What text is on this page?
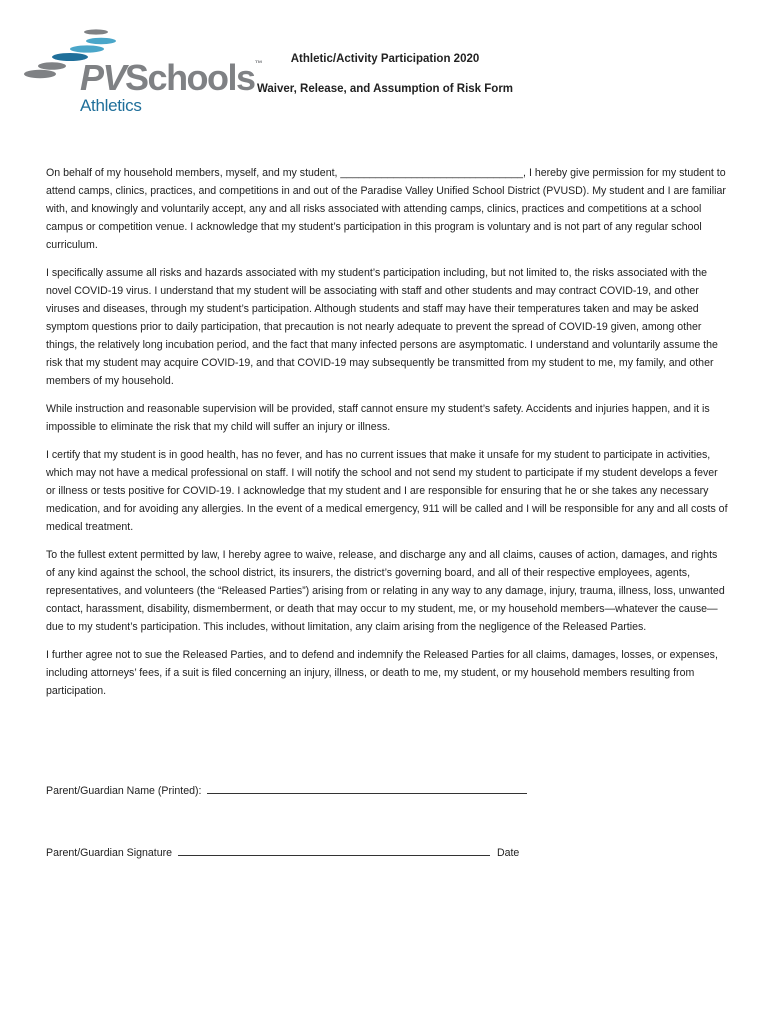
PVSchools™
Athletics
Athletic/Activity Participation 2020
Waiver, Release, and Assumption of Risk Form

On behalf of my household members, myself, and my student, _______________________________, I hereby give permission for my student to attend camps, clinics, practices, and competitions in and out of the Paradise Valley Unified School District (PVUSD). My student and I are familiar with, and knowingly and voluntarily accept, any and all risks associated with attending camps, clinics, practices and competitions at a school campus or competition venue. I acknowledge that my student’s participation in this program is voluntary and is not part of any regular school curriculum.

I specifically assume all risks and hazards associated with my student’s participation including, but not limited to, the risks associated with the novel COVID-19 virus. I understand that my student will be associating with staff and other students and may contract COVID-19, and other viruses and diseases, through my student’s participation. Although students and staff may have their temperatures taken and may be asked symptom questions prior to daily participation, that precaution is not nearly adequate to prevent the spread of COVID-19 given, among other things, the relatively long incubation period, and the fact that many infected persons are asymptomatic. I understand and voluntarily assume the risk that my student may acquire COVID-19, and that COVID-19 may subsequently be transmitted from my student to me, my family, and other members of my household.

While instruction and reasonable supervision will be provided, staff cannot ensure my student’s safety. Accidents and injuries happen, and it is impossible to eliminate the risk that my child will suffer an injury or illness.

I certify that my student is in good health, has no fever, and has no current issues that make it unsafe for my student to participate in activities, which may not have a medical professional on staff. I will notify the school and not send my student to participate if my student develops a fever or illness or tests positive for COVID-19. I acknowledge that my student and I are responsible for ensuring that he or she takes any necessary medication, and for avoiding any allergies. In the event of a medical emergency, 911 will be called and I will be responsible for any and all costs of medical treatment.

To the fullest extent permitted by law, I hereby agree to waive, release, and discharge any and all claims, causes of action, damages, and rights of any kind against the school, the school district, its insurers, the district’s governing board, and all of their respective employees, agents, representatives, and volunteers (the “Released Parties”) arising from or relating in any way to any damage, injury, trauma, illness, loss, unwanted contact, harassment, disability, dismemberment, or death that may occur to my student, me, or my household members—whatever the cause—due to my student’s participation. This includes, without limitation, any claim arising from the negligence of the Released Parties.

I further agree not to sue the Released Parties, and to defend and indemnify the Released Parties for all claims, damages, losses, or expenses, including attorneys’ fees, if a suit is filed concerning an injury, illness, or death to me, my student, or my household members resulting from participation.

Parent/Guardian Name (Printed):
Parent/Guardian Signature	Date
